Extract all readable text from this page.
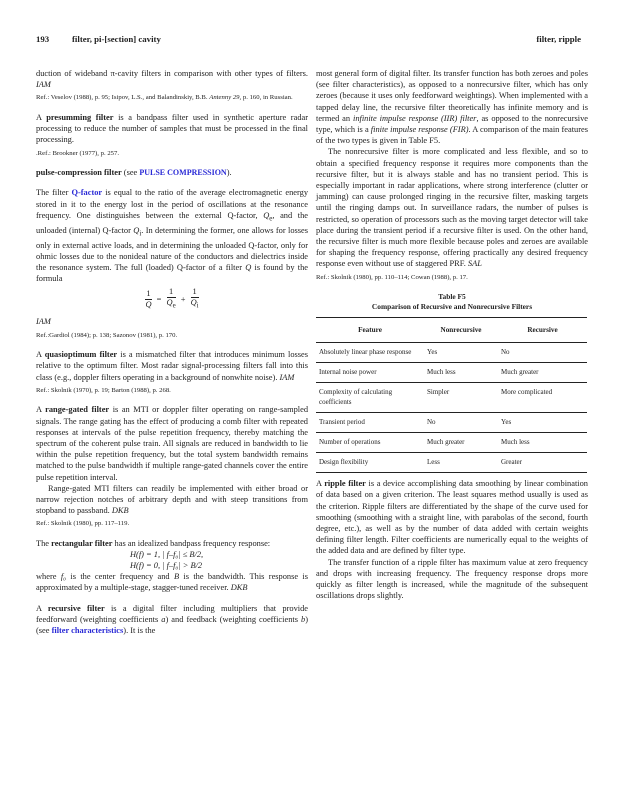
193	filter, pi-[section] cavity	filter, ripple

duction of wideband π-cavity filters in comparison with other types of filters. IAM

Ref.: Veselov (1988), p. 95; Isipov, L.S., and Balandinskiy, B.B. Antenny 29, p. 160, in Russian.

A presumming filter is a bandpass filter used in synthetic aperture radar processing to reduce the number of samples that must be processed in the final processing.

.Ref.: Brookner (1977), p. 257.

pulse-compression filter (see PULSE COMPRESSION).

The filter Q-factor is equal to the ratio of the average electromagnetic energy stored in it to the energy lost in the period of oscillations at the resonance frequency. One distinguishes between the external Q-factor, $Q_e$, and the unloaded (internal) Q-factor $Q_i$. In determining the former, one allows for losses only in external active loads, and in determining the unloaded Q-factor, only for ohmic losses due to the nonideal nature of the conductors and dielectrics inside the resonance system. The full (loaded) Q-factor of a filter Q is found by the formula

$\frac{1}{Q} = \frac{1}{Q_e} + \frac{1}{Q_i}$

IAM

Ref.:Gardiol (1984); p. 138; Sazonov (1981), p. 170.

A quasioptimum filter is a mismatched filter that introduces minimum losses relative to the optimum filter. Most radar signal-processing filters fall into this class (e.g., doppler filters operating in a background of nonwhite noise). IAM

Ref.: Skolnik (1970), p. 19; Barton (1988), p. 268.

A range-gated filter is an MTI or doppler filter operating on range-sampled signals. The range gating has the effect of producing a comb filter with repeated responses at intervals of the pulse repetition frequency, thereby matching the spectrum of the coherent pulse train. All signals are reduced in bandwidth to lie within the pulse repetition frequency, but the total system bandwidth remains matched to the pulse bandwidth if multiple range-gated channels cover the entire pulse repetition interval.

Range-gated MTI filters can readily be implemented with either broad or narrow rejection notches of arbitrary depth and with steep transitions from stopband to passband. DKB

Ref.: Skolnik (1980), pp. 117–119.

The rectangular filter has an idealized bandpass frequency response:

H(f) = 1, | f–f₀| ≤ B/2,
H(f) = 0, | f–f₀| > B/2

where f₀ is the center frequency and B is the bandwidth. This response is approximated by a multiple-stage, stagger-tuned receiver. DKB

A recursive filter is a digital filter including multipliers that provide feedforward (weighting coefficients a) and feedback (weighting coefficients b) (see filter characteristics). It is the

most general form of digital filter. Its transfer function has both zeroes and poles (see filter characteristics), as opposed to a nonrecursive filter, which has only zeroes (because it uses only feedforward weightings). When implemented with a tapped delay line, the recursive filter theoretically has infinite memory and is termed an infinite impulse response (IIR) filter, as opposed to the nonrecursive type, which is a finite impulse response (FIR). A comparison of the main features of the two types is given in Table F5.

The nonrecursive filter is more complicated and less flexible, and so to obtain a specified frequency response it requires more components than the recursive filter, but it is always stable and has no transient period. This is especially important in radar applications, where strong interference (clutter or jamming) can cause prolonged ringing in the recursive filter, masking targets until the ringing damps out. In surveillance radars, the number of pulses is restricted, so operation of processors such as the moving target detector will take place during the transient period if a recursive filter is used. On the other hand, the recursive filter is much more flexible because poles and zeroes are available for shaping the frequency response, offering practically any desired frequency response even without use of staggered PRF. SAL

Ref.: Skolnik (1980), pp. 110–114; Cowan (1988), p. 17.

Table F5
Comparison of Recursive and Nonrecursive Filters
Feature	Nonrecursive	Recursive
Absolutely linear phase response	Yes	No
Internal noise power	Much less	Much greater
Complexity of calculating coefficients	Simpler	More complicated
Transient period	No	Yes
Number of operations	Much greater	Much less
Design flexibility	Less	Greater

A ripple filter is a device accomplishing data smoothing by linear combination of data based on a given criterion. The least squares method usually is used as the criterion. Ripple filters are differentiated by the shape of the curve used for smoothing (smoothing with a straight line, with parabolas of the second, fourth degree, etc.), as well as by the number of data added with certain weights defining filter length. Filter coefficients are numerically equal to the weights of the added data and are defined by filter type.

The transfer function of a ripple filter has maximum value at zero frequency and drops with increasing frequency. The frequency response drops more quickly as filter length is increased, while the magnitude of the subsequent oscillations drops slightly.
